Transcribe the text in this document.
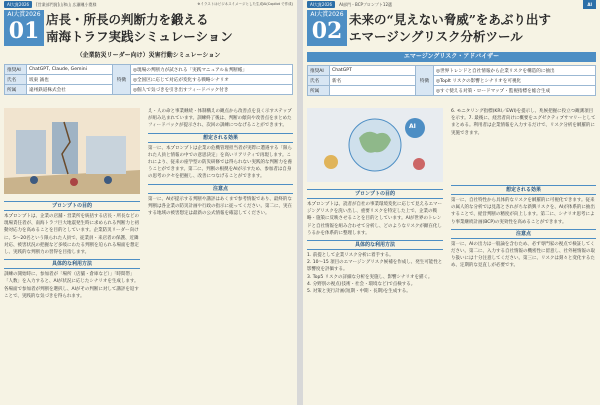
AI大賞2026	[営業部門賞]山和山 広瀬颯小寛様	※イラストはビジネスイメージとした生成AI(Copilot で作成)
AI大賞2026
01 店長・所長の判断力を鍛える
南海トラフ実践シミュレーション
（企業防災リーダー向け）災害行動シミュレーション
推奨AI	ChatGPT, Claude, Gemini	特徴	◎現場の判断力が試される「実践マニュアル＆判断帳」
氏名	坂東 誠也		◎全国区に応じて対応が変化する戦略シナリオ
所属	遠州鉄道株式会社		◎個人で気づきを引き出すフィードバック付き
プロンプトの目的

本プロンプトは、企業の店舗・営業所を統括する店長・所長などの現場責任者が、南海トラフ巨大地震発生時に求められる判断力と初動対応力を高めることを目的としています。企業防災リーダー向けに、5〜20名という限られた人員で、従業員・来店者の保護、近隣対応、被害状況の把握など多岐にわたる判断を迫られる場面を想定し、実践的な判断力の習得を目指します。

具体的な利用方法

訓練の開始時に、参加者が「場所（店舗・倉庫など）」「時間帯」「人数」を入力すると、AIが状況に応じたシナリオを生成します。各場面で参加者が判断を選択し、AIがその判断に対して講評を返すことで、実践的な気づきを得られます。

え・人の命と事業継続・体制構えの観点から改善点を良く示すステップが組み込まれています。訓練終了後は、判断の傾向や改善点をまとめたフィードバックが提示され、次回の訓練につなげることができます。

想定される効果

第一に、本プロンプトは企業の危機管理担当者が実際に遭遇する「限られた人員と情報の中での意思決定」を高いリアリティで再現します。これにより、従来の座学型の防災研修では得られない実践的な判断力を養うことができます。第二に、判断の根拠をAIが示すため、参加者は自身の思考のクセを把握し、改善につなげることができます。

注意点

第一に、AIが提示する判断や講評はあくまで参考情報であり、最終的な判断は各企業の防災計画や行政の指示に従ってください。第二に、実在する地域の被害想定は最新の公式情報を確認してください。

AI大賞2026	AI部門・BCPプロンプト12選	AI
AI大賞2026
02 未来の“見えない脅威”をあぶり出す
エマージングリスク分析ツール
エマージングリスク・アドバイザー
推奨AI	ChatGPT	特徴	◎世界トレンドと自社情報から企業リスクを構造的に抽出
氏名	新名		◎TopIt リスクの影響とシナリオを可視化
所属			◎すぐ使える対策・ロードマップ・監視指標を総合生成
AI

6. モニタリング指標(KRI／EWI)を提示し、兆候把握に役立つ観測項目を示す。7. 最後に、経営者向けに概要をエグゼクティブサマリーとしてまとめる。利用者は企業情報を入力するだけで、リスク分析を網羅的に実施できます。

プロンプトの目的

本プロンプトは、読者が自社の事業環境変化に応じて見えるエマージングリスクを洗い出し、重要リスクを特定した上で、企業の戦略・施策に反映させることを目的としています。AIが世界のトレンドと自社情報を組み合わせて分析し、どのようなリスクが顕在化しうるかを体系的に整理します。

具体的な利用方法

1. 前提として企業リスク分析に着手する。

2. 10〜15 項目のエマージングリスク候補を作成し、発生可能性と影響度を評価する。

3. Top5 リスクの詳細な分析を実施し、影響シナリオを描く。

4. 分野別の視点(技術・社会・環境など)で点検する。

5. 対策と実行計画(短期・中期・長期)を生成する。

想定される効果

第一に、自社特性から具体的なリスクを網羅的に可視化できます。従来の属人的な分析では見落とされがちな新興リスクを、AIが体系的に抽出することで、経営判断の精度が向上します。第二に、シナリオ思考により事業継続計画(BCP)の実効性を高めることができます。

注意点

第一に、AIの出力は一般論を含むため、必ず専門家の視点で検証してください。第二に、入力する自社情報の機密性に留意し、社外秘情報の取り扱いには十分注意してください。第三に、リスクは刻々と変化するため、定期的な見直しが必要です。
